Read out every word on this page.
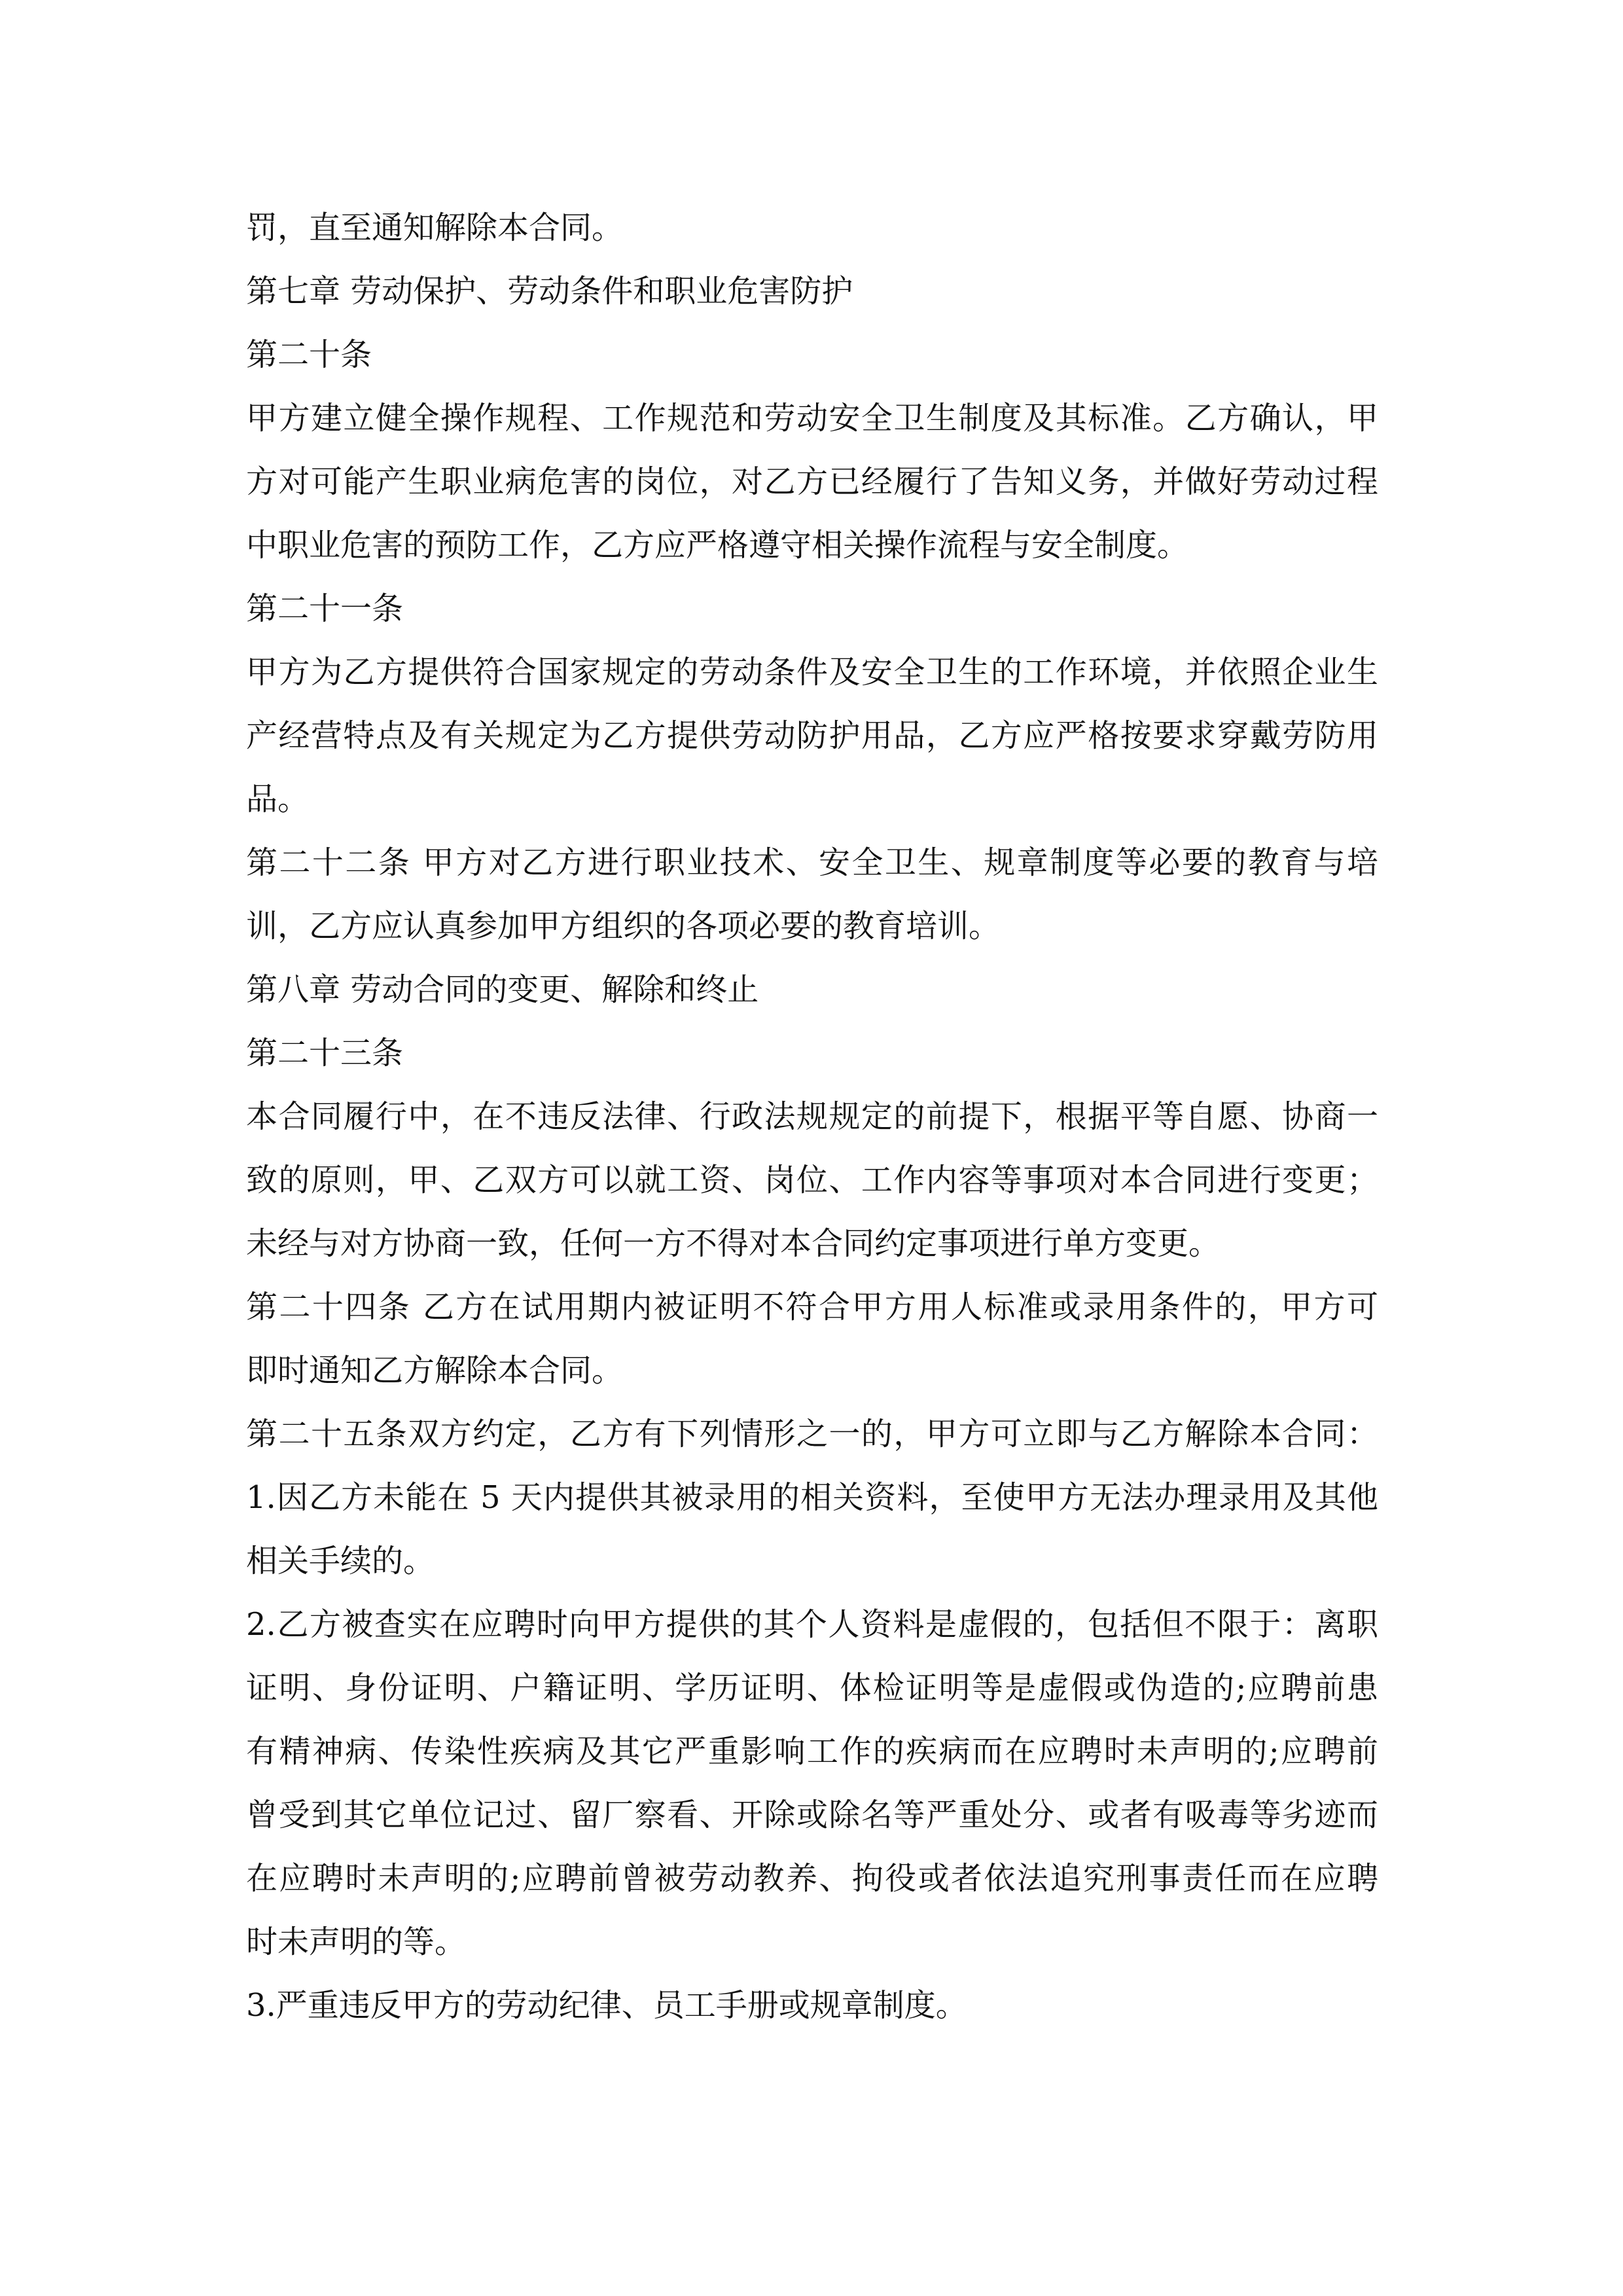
罚，直至通知解除本合同。
第七章 劳动保护、劳动条件和职业危害防护
第二十条
甲方建立健全操作规程、工作规范和劳动安全卫生制度及其标准。乙方确认，甲
方对可能产生职业病危害的岗位，对乙方已经履行了告知义务，并做好劳动过程
中职业危害的预防工作，乙方应严格遵守相关操作流程与安全制度。
第二十一条
甲方为乙方提供符合国家规定的劳动条件及安全卫生的工作环境，并依照企业生
产经营特点及有关规定为乙方提供劳动防护用品，乙方应严格按要求穿戴劳防用
品。
第二十二条 甲方对乙方进行职业技术、安全卫生、规章制度等必要的教育与培
训，乙方应认真参加甲方组织的各项必要的教育培训。
第八章 劳动合同的变更、解除和终止
第二十三条
本合同履行中，在不违反法律、行政法规规定的前提下，根据平等自愿、协商一
致的原则，甲、乙双方可以就工资、岗位、工作内容等事项对本合同进行变更；
未经与对方协商一致，任何一方不得对本合同约定事项进行单方变更。
第二十四条 乙方在试用期内被证明不符合甲方用人标准或录用条件的，甲方可
即时通知乙方解除本合同。
第二十五条双方约定，乙方有下列情形之一的，甲方可立即与乙方解除本合同：
1.因乙方未能在 5 天内提供其被录用的相关资料，至使甲方无法办理录用及其他
相关手续的。
2.乙方被查实在应聘时向甲方提供的其个人资料是虚假的，包括但不限于：离职
证明、身份证明、户籍证明、学历证明、体检证明等是虚假或伪造的;应聘前患
有精神病、传染性疾病及其它严重影响工作的疾病而在应聘时未声明的;应聘前
曾受到其它单位记过、留厂察看、开除或除名等严重处分、或者有吸毒等劣迹而
在应聘时未声明的;应聘前曾被劳动教养、拘役或者依法追究刑事责任而在应聘
时未声明的等。
3.严重违反甲方的劳动纪律、员工手册或规章制度。
